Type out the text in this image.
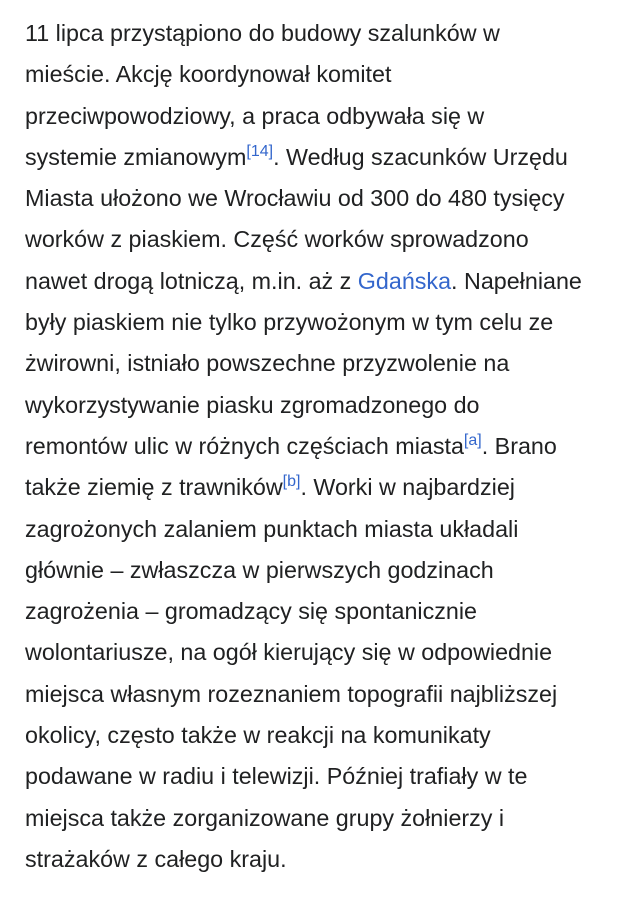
11 lipca przystąpiono do budowy szalunków w
mieście. Akcję koordynował komitet
przeciwpowodziowy, a praca odbywała się w
systemie zmianowym[14]. Według szacunków Urzędu
Miasta ułożono we Wrocławiu od 300 do 480 tysięcy
worków z piaskiem. Część worków sprowadzono
nawet drogą lotniczą, m.in. aż z Gdańska. Napełniane
były piaskiem nie tylko przywożonym w tym celu ze
żwirowni, istniało powszechne przyzwolenie na
wykorzystywanie piasku zgromadzonego do
remontów ulic w różnych częściach miasta[a]. Brano
także ziemię z trawników[b]. Worki w najbardziej
zagrożonych zalaniem punktach miasta układali
głównie – zwłaszcza w pierwszych godzinach
zagrożenia – gromadzący się spontanicznie
wolontariusze, na ogół kierujący się w odpowiednie
miejsca własnym rozeznaniem topografii najbliższej
okolicy, często także w reakcji na komunikaty
podawane w radiu i telewizji. Później trafiały w te
miejsca także zorganizowane grupy żołnierzy i
strażaków z całego kraju.
